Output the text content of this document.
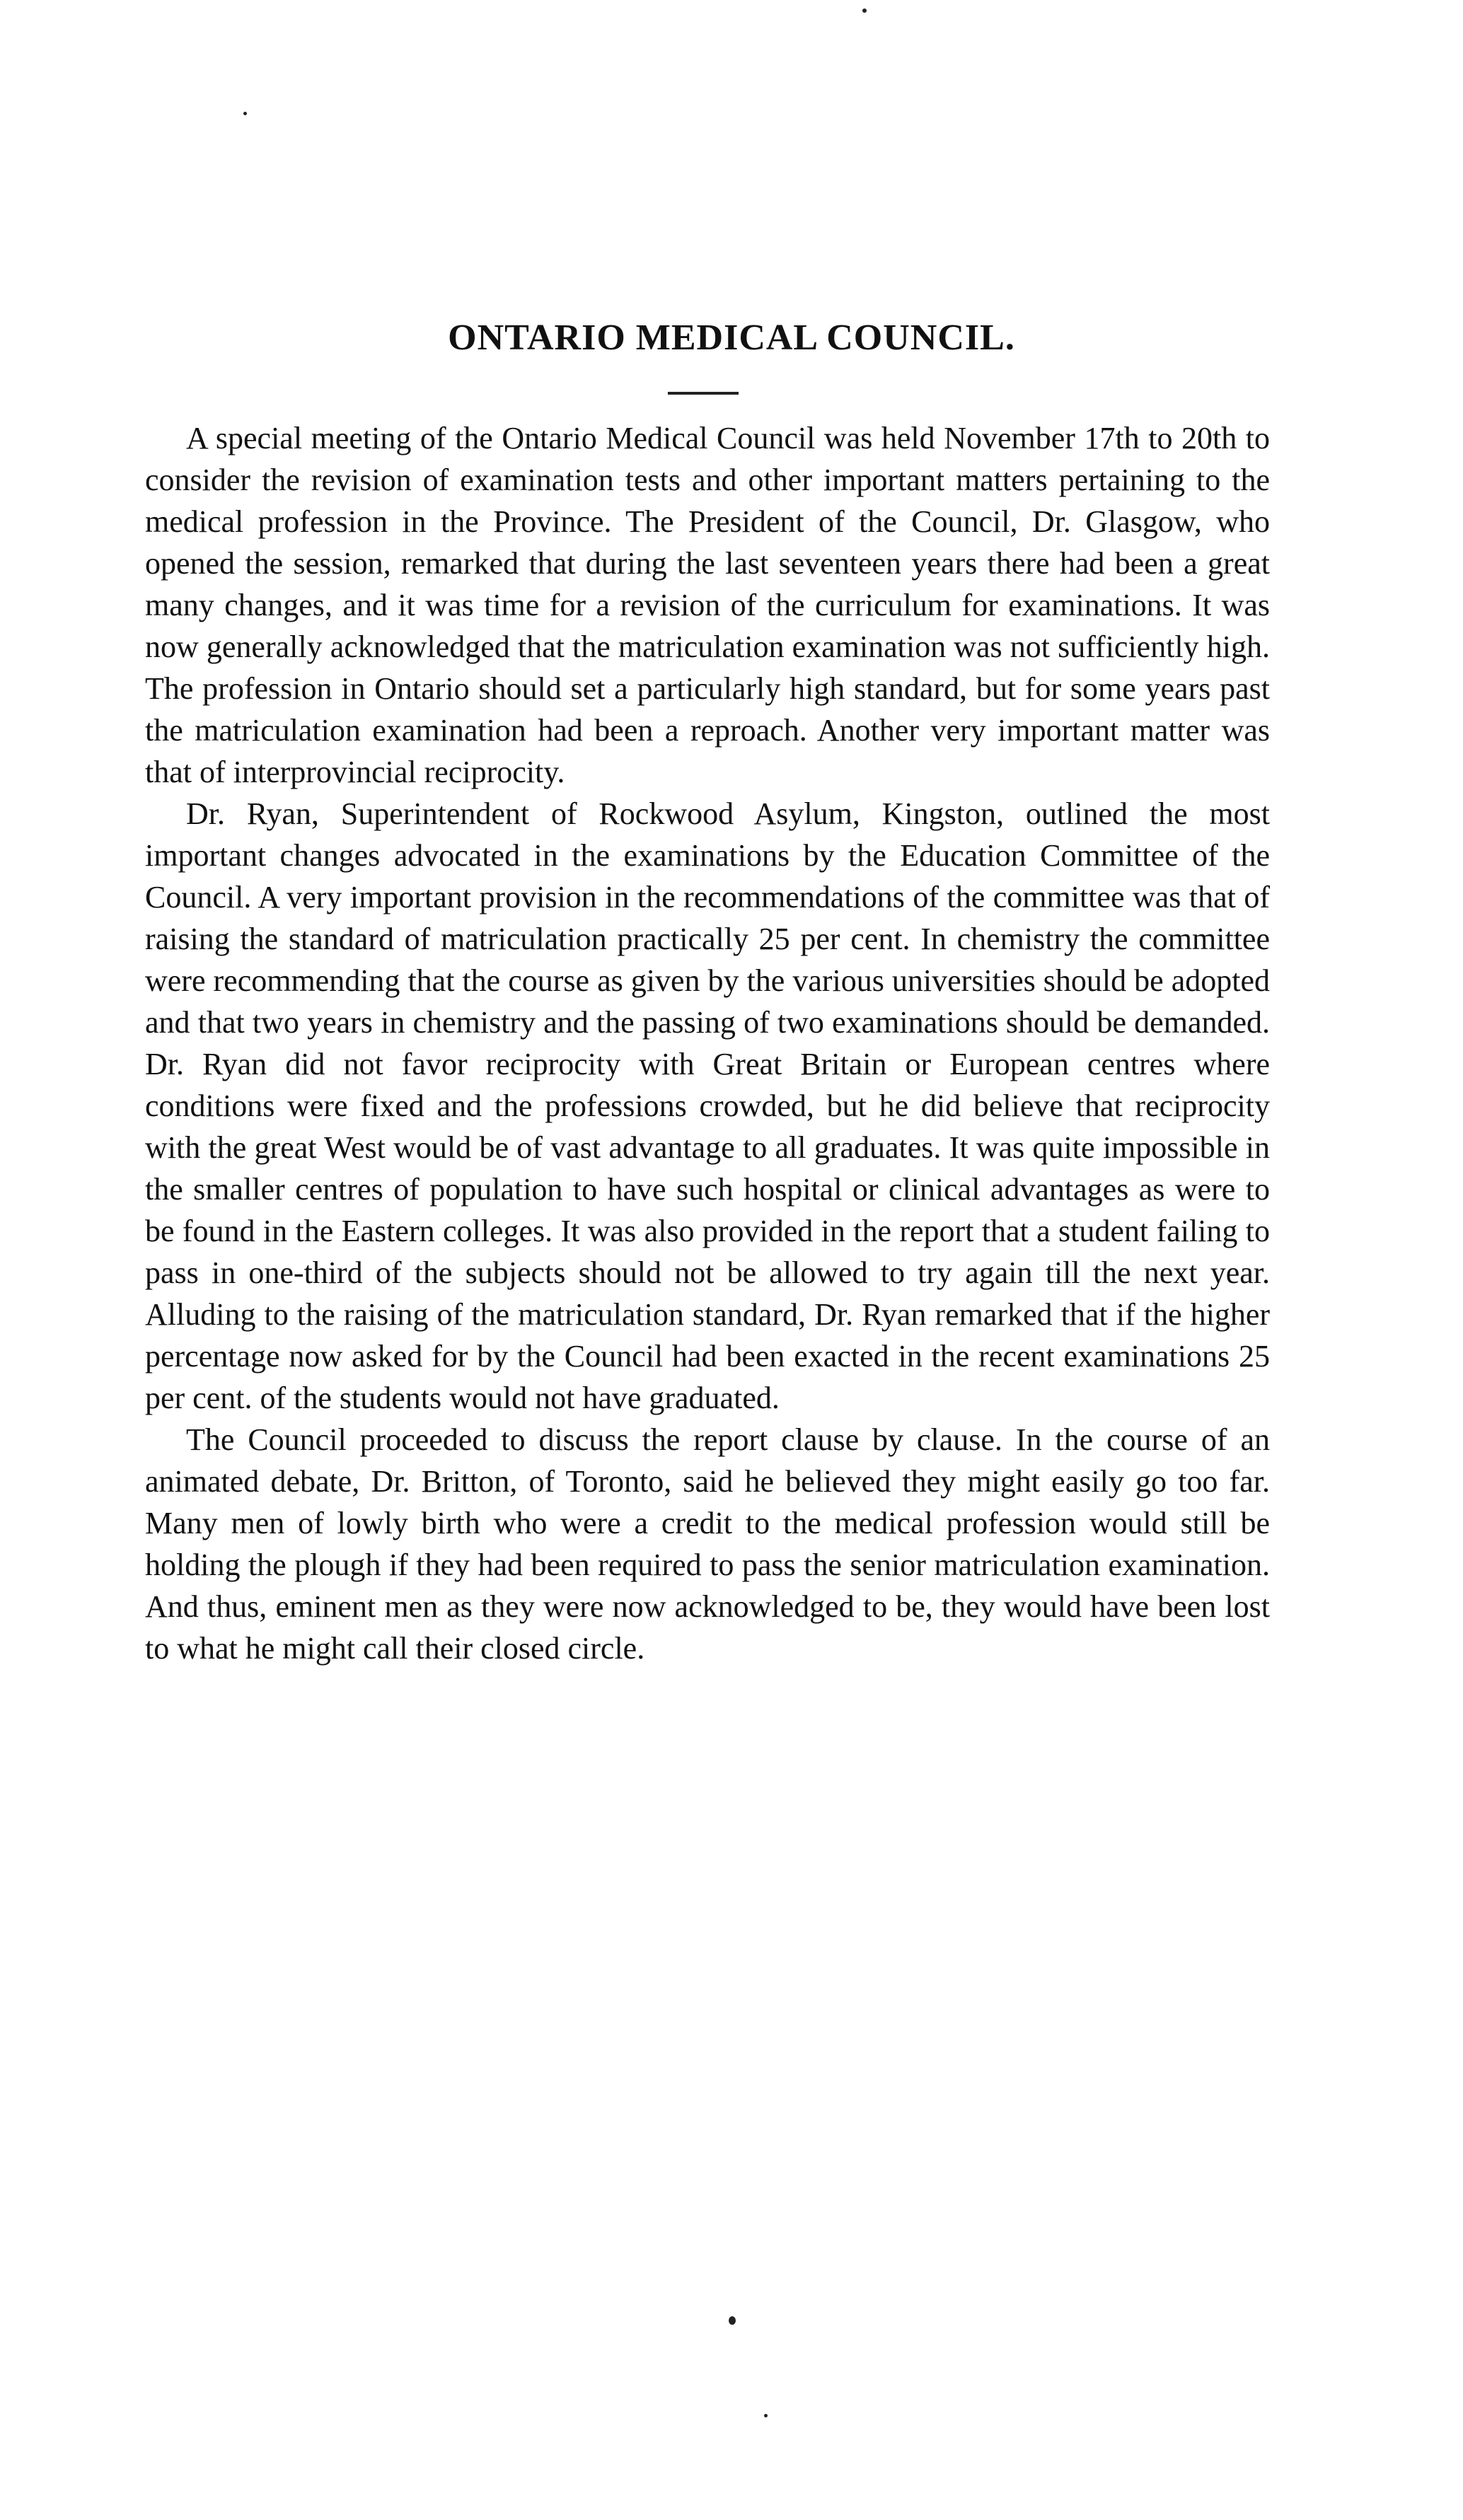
ONTARIO MEDICAL COUNCIL.

A special meeting of the Ontario Medical Council was held November 17th to 20th to consider the revision of examination tests and other important matters pertaining to the medical profession in the Province. The President of the Council, Dr. Glasgow, who opened the session, remarked that during the last seventeen years there had been a great many changes, and it was time for a revision of the curriculum for examinations. It was now generally acknowledged that the matriculation examination was not sufficiently high. The profession in Ontario should set a particularly high standard, but for some years past the matriculation examination had been a reproach. Another very important matter was that of interprovincial reciprocity.

Dr. Ryan, Superintendent of Rockwood Asylum, Kingston, outlined the most important changes advocated in the examinations by the Education Committee of the Council. A very important provision in the recommendations of the committee was that of raising the standard of matriculation practically 25 per cent. In chemistry the committee were recommending that the course as given by the various universities should be adopted and that two years in chemistry and the passing of two examinations should be demanded. Dr. Ryan did not favor reciprocity with Great Britain or European centres where conditions were fixed and the professions crowded, but he did believe that reciprocity with the great West would be of vast advantage to all graduates. It was quite impossible in the smaller centres of population to have such hospital or clinical advantages as were to be found in the Eastern colleges. It was also provided in the report that a student failing to pass in one-third of the subjects should not be allowed to try again till the next year. Alluding to the raising of the matriculation standard, Dr. Ryan remarked that if the higher percentage now asked for by the Council had been exacted in the recent examinations 25 per cent. of the students would not have graduated.

The Council proceeded to discuss the report clause by clause. In the course of an animated debate, Dr. Britton, of Toronto, said he believed they might easily go too far. Many men of lowly birth who were a credit to the medical profession would still be holding the plough if they had been required to pass the senior matriculation examination. And thus, eminent men as they were now acknowledged to be, they would have been lost to what he might call their closed circle.
